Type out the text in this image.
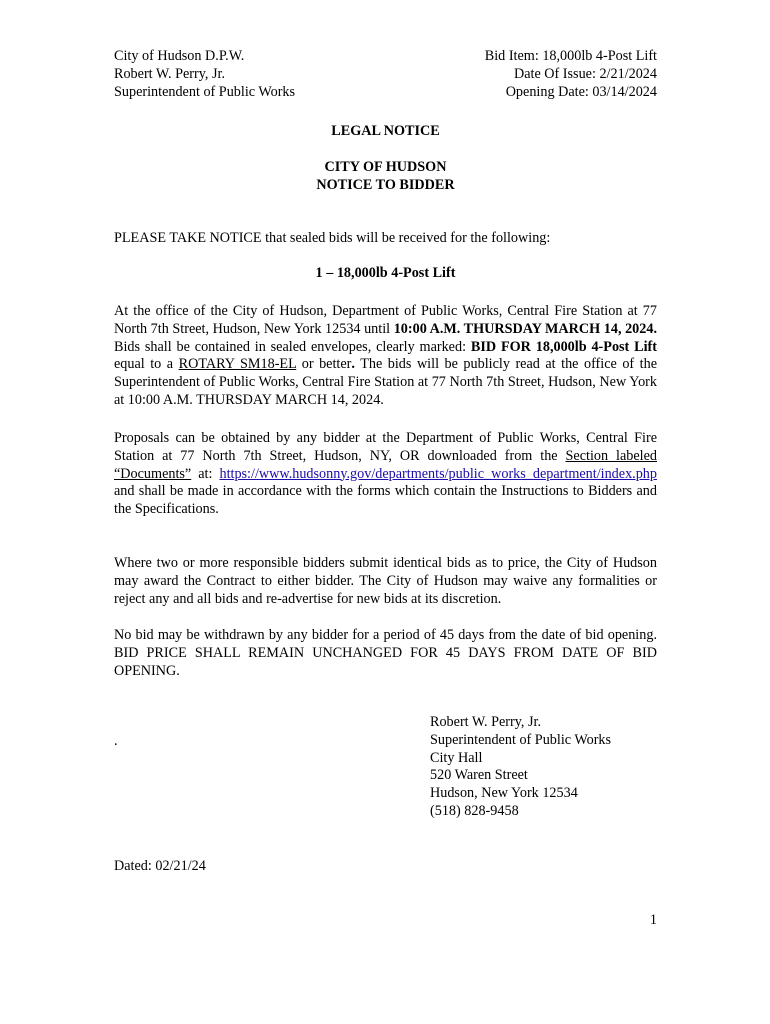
City of Hudson D.P.W.
Robert W. Perry, Jr.
Superintendent of Public Works
Bid Item: 18,000lb 4-Post Lift
Date Of Issue: 2/21/2024
Opening Date: 03/14/2024
LEGAL NOTICE
CITY OF HUDSON
NOTICE TO BIDDER
PLEASE TAKE NOTICE that sealed bids will be received for the following:
1 – 18,000lb 4-Post Lift

At the office of the City of Hudson, Department of Public Works, Central Fire Station at 77 North 7th Street, Hudson, New York 12534 until 10:00 A.M. THURSDAY MARCH 14, 2024. Bids shall be contained in sealed envelopes, clearly marked: BID FOR 18,000lb 4-Post Lift equal to a ROTARY SM18-EL or better. The bids will be publicly read at the office of the Superintendent of Public Works, Central Fire Station at 77 North 7th Street, Hudson, New York at 10:00 A.M. THURSDAY MARCH 14, 2024.

Proposals can be obtained by any bidder at the Department of Public Works, Central Fire Station at 77 North 7th Street, Hudson, NY, OR downloaded from the Section labeled “Documents” at: https://www.hudsonny.gov/departments/public_works_department/index.php and shall be made in accordance with the forms which contain the Instructions to Bidders and the Specifications.

Where two or more responsible bidders submit identical bids as to price, the City of Hudson may award the Contract to either bidder. The City of Hudson may waive any formalities or reject any and all bids and re-advertise for new bids at its discretion.
No bid may be withdrawn by any bidder for a period of 45 days from the date of bid opening. BID PRICE SHALL REMAIN UNCHANGED FOR 45 DAYS FROM DATE OF BID OPENING.
.
Robert W. Perry, Jr.
Superintendent of Public Works
City Hall
520 Waren Street
Hudson, New York 12534
(518) 828-9458
Dated: 02/21/24
1
